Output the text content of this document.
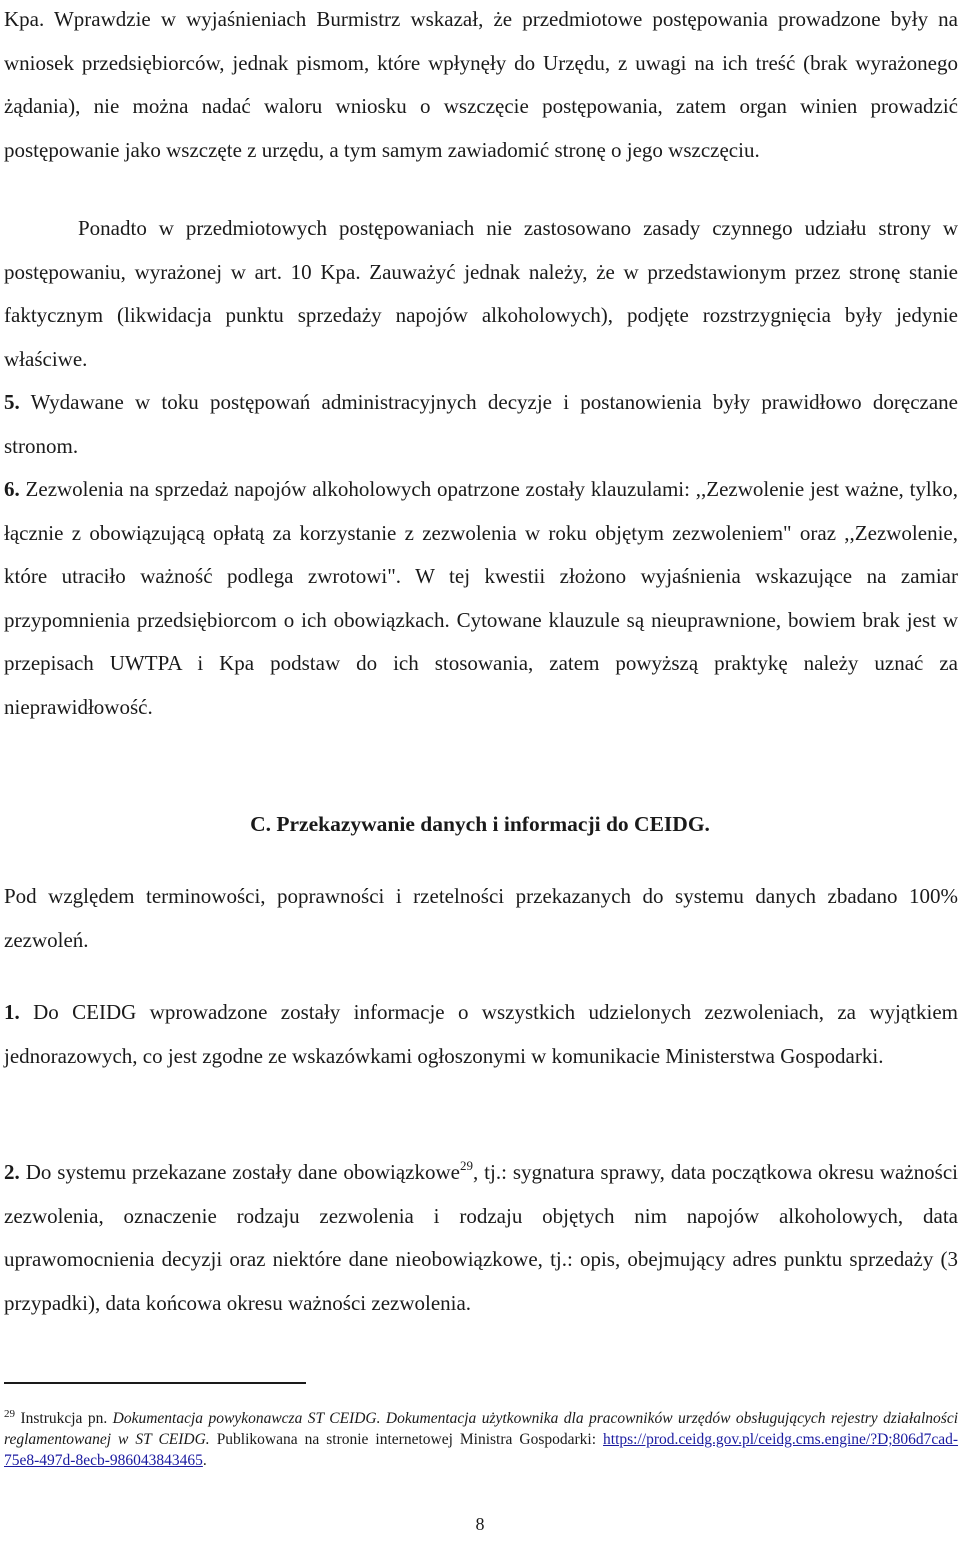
Kpa. Wprawdzie w wyjaśnieniach Burmistrz wskazał, że przedmiotowe postępowania prowadzone były na wniosek przedsiębiorców, jednak pismom, które wpłynęły do Urzędu, z uwagi na ich treść (brak wyrażonego żądania), nie można nadać waloru wniosku o wszczęcie postępowania, zatem organ winien prowadzić postępowanie jako wszczęte z urzędu, a tym samym zawiadomić stronę o jego wszczęciu.

Ponadto w przedmiotowych postępowaniach nie zastosowano zasady czynnego udziału strony w postępowaniu, wyrażonej w art. 10 Kpa. Zauważyć jednak należy, że w przedstawionym przez stronę stanie faktycznym (likwidacja punktu sprzedaży napojów alkoholowych), podjęte rozstrzygnięcia były jedynie właściwe.

5. Wydawane w toku postępowań administracyjnych decyzje i postanowienia były prawidłowo doręczane stronom.

6. Zezwolenia na sprzedaż napojów alkoholowych opatrzone zostały klauzulami: ,,Zezwolenie jest ważne, tylko, łącznie z obowiązującą opłatą za korzystanie z zezwolenia w roku objętym zezwoleniem" oraz ,,Zezwolenie, które utraciło ważność podlega zwrotowi". W tej kwestii złożono wyjaśnienia wskazujące na zamiar przypomnienia przedsiębiorcom o ich obowiązkach. Cytowane klauzule są nieuprawnione, bowiem brak jest w przepisach UWTPA i Kpa podstaw do ich stosowania, zatem powyższą praktykę należy uznać za nieprawidłowość.

C. Przekazywanie danych i informacji do CEIDG.

Pod względem terminowości, poprawności i rzetelności przekazanych do systemu danych zbadano 100% zezwoleń.

1. Do CEIDG wprowadzone zostały informacje o wszystkich udzielonych zezwoleniach, za wyjątkiem jednorazowych, co jest zgodne ze wskazówkami ogłoszonymi w komunikacie Ministerstwa Gospodarki.

2. Do systemu przekazane zostały dane obowiązkowe$^{29}$, tj.: sygnatura sprawy, data początkowa okresu ważności zezwolenia, oznaczenie rodzaju zezwolenia i rodzaju objętych nim napojów alkoholowych, data uprawomocnienia decyzji oraz niektóre dane nieobowiązkowe, tj.: opis, obejmujący adres punktu sprzedaży (3 przypadki), data końcowa okresu ważności zezwolenia.

$^{29}$ Instrukcja pn. Dokumentacja powykonawcza ST CEIDG. Dokumentacja użytkownika dla pracowników urzędów obsługujących rejestry działalności reglamentowanej w ST CEIDG. Publikowana na stronie internetowej Ministra Gospodarki: https://prod.ceidg.gov.pl/ceidg.cms.engine/?D;806d7cad-75e8-497d-8ecb-986043843465.

8
